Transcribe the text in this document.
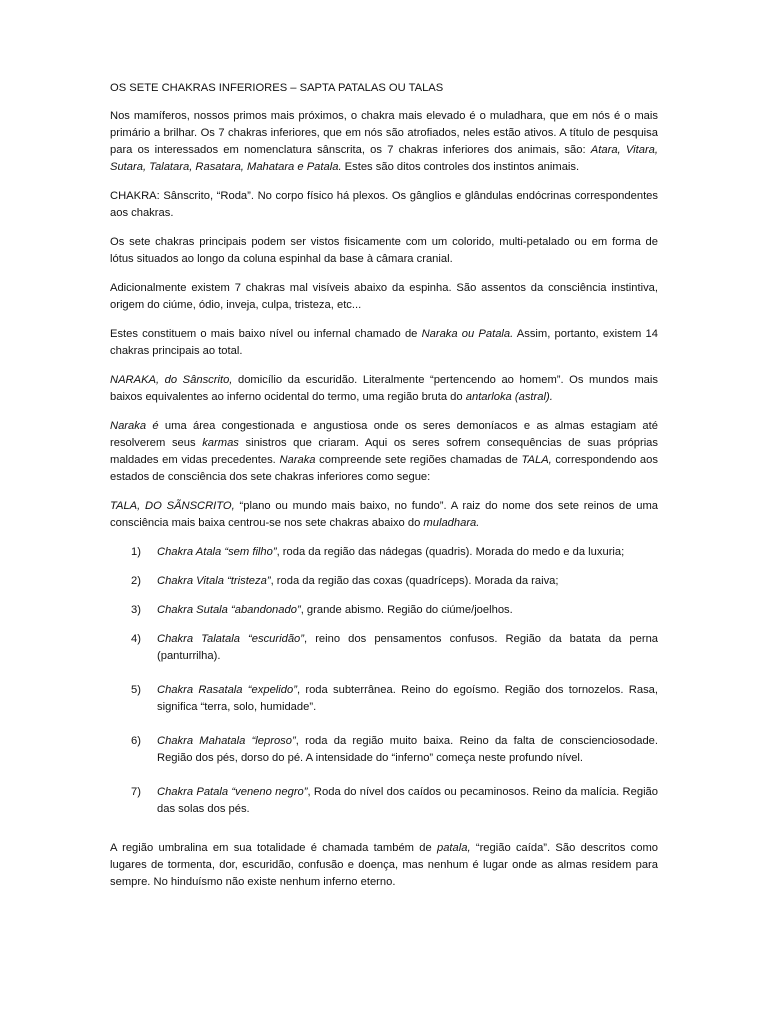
OS SETE CHAKRAS INFERIORES – SAPTA PATALAS OU TALAS

Nos mamíferos, nossos primos mais próximos, o chakra mais elevado é o muladhara, que em nós é o mais primário a brilhar. Os 7 chakras inferiores, que em nós são atrofiados, neles estão ativos. A título de pesquisa para os interessados em nomenclatura sânscrita, os 7 chakras inferiores dos animais, são: Atara, Vitara, Sutara, Talatara, Rasatara, Mahatara e Patala. Estes são ditos controles dos instintos animais.

CHAKRA: Sânscrito, “Roda”. No corpo físico há plexos. Os gânglios e glândulas endócrinas correspondentes aos chakras.

Os sete chakras principais podem ser vistos fisicamente com um colorido, multi-petalado ou em forma de lótus situados ao longo da coluna espinhal da base à câmara cranial.

Adicionalmente existem 7 chakras mal visíveis abaixo da espinha. São assentos da consciência instintiva, origem do ciúme, ódio, inveja, culpa, tristeza, etc...

Estes constituem o mais baixo nível ou infernal chamado de Naraka ou Patala. Assim, portanto, existem 14 chakras principais ao total.

NARAKA, do Sânscrito, domicílio da escuridão. Literalmente “pertencendo ao homem”. Os mundos mais baixos equivalentes ao inferno ocidental do termo, uma região bruta do antarloka (astral).

Naraka é uma área congestionada e angustiosa onde os seres demoníacos e as almas estagiam até resolverem seus karmas sinistros que criaram. Aqui os seres sofrem consequências de suas próprias maldades em vidas precedentes. Naraka compreende sete regiões chamadas de TALA, correspondendo aos estados de consciência dos sete chakras inferiores como segue:

TALA, DO SÃNSCRITO, “plano ou mundo mais baixo, no fundo”. A raiz do nome dos sete reinos de uma consciência mais baixa centrou-se nos sete chakras abaixo do muladhara.

1)	Chakra Atala “sem filho”, roda da região das nádegas (quadris). Morada do medo e da luxuria;
2)	Chakra Vitala “tristeza”, roda da região das coxas (quadríceps). Morada da raiva;
3)	Chakra Sutala “abandonado”, grande abismo. Região do ciúme/joelhos.
4)	Chakra Talatala “escuridão”, reino dos pensamentos confusos. Região da batata da perna (panturrilha).
5)	Chakra Rasatala “expelido”, roda subterrânea. Reino do egoísmo. Região dos tornozelos. Rasa, significa “terra, solo, humidade”.
6)	Chakra Mahatala “leproso”, roda da região muito baixa. Reino da falta de conscienciosodade. Região dos pés, dorso do pé. A intensidade do “inferno” começa neste profundo nível.
7)	Chakra Patala “veneno negro”, Roda do nível dos caídos ou pecaminosos. Reino da malícia. Região das solas dos pés.

A região umbralina em sua totalidade é chamada também de patala, “região caída”. São descritos como lugares de tormenta, dor, escuridão, confusão e doença, mas nenhum é lugar onde as almas residem para sempre. No hinduísmo não existe nenhum inferno eterno.
